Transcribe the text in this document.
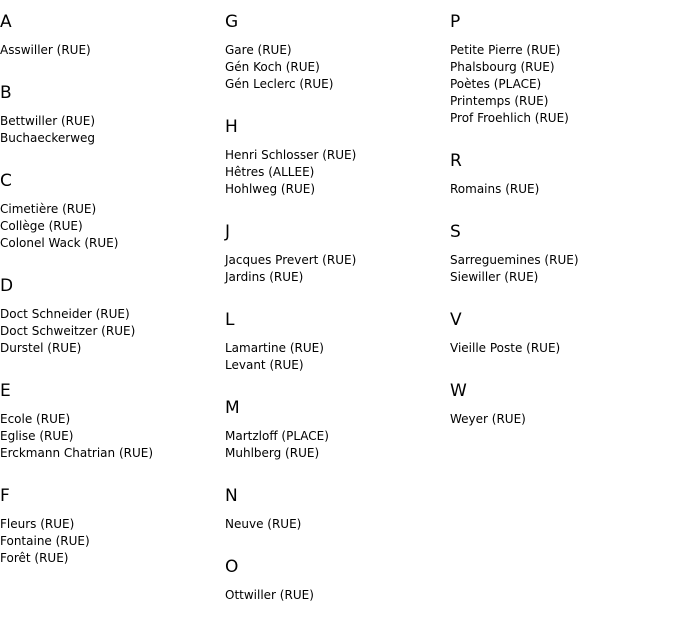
A
Asswiller (RUE)
B
Bettwiller (RUE)
Buchaeckerweg
C
Cimetière (RUE)
Collège (RUE)
Colonel Wack (RUE)
D
Doct Schneider (RUE)
Doct Schweitzer (RUE)
Durstel (RUE)
E
Ecole (RUE)
Eglise (RUE)
Erckmann Chatrian (RUE)
F
Fleurs (RUE)
Fontaine (RUE)
Forêt (RUE)
G
Gare (RUE)
Gén Koch (RUE)
Gén Leclerc (RUE)
H
Henri Schlosser (RUE)
Hêtres (ALLEE)
Hohlweg (RUE)
J
Jacques Prevert (RUE)
Jardins (RUE)
L
Lamartine (RUE)
Levant (RUE)
M
Martzloff (PLACE)
Muhlberg (RUE)
N
Neuve (RUE)
O
Ottwiller (RUE)
P
Petite Pierre (RUE)
Phalsbourg (RUE)
Poètes (PLACE)
Printemps (RUE)
Prof Froehlich (RUE)
R
Romains (RUE)
S
Sarreguemines (RUE)
Siewiller (RUE)
V
Vieille Poste (RUE)
W
Weyer (RUE)
